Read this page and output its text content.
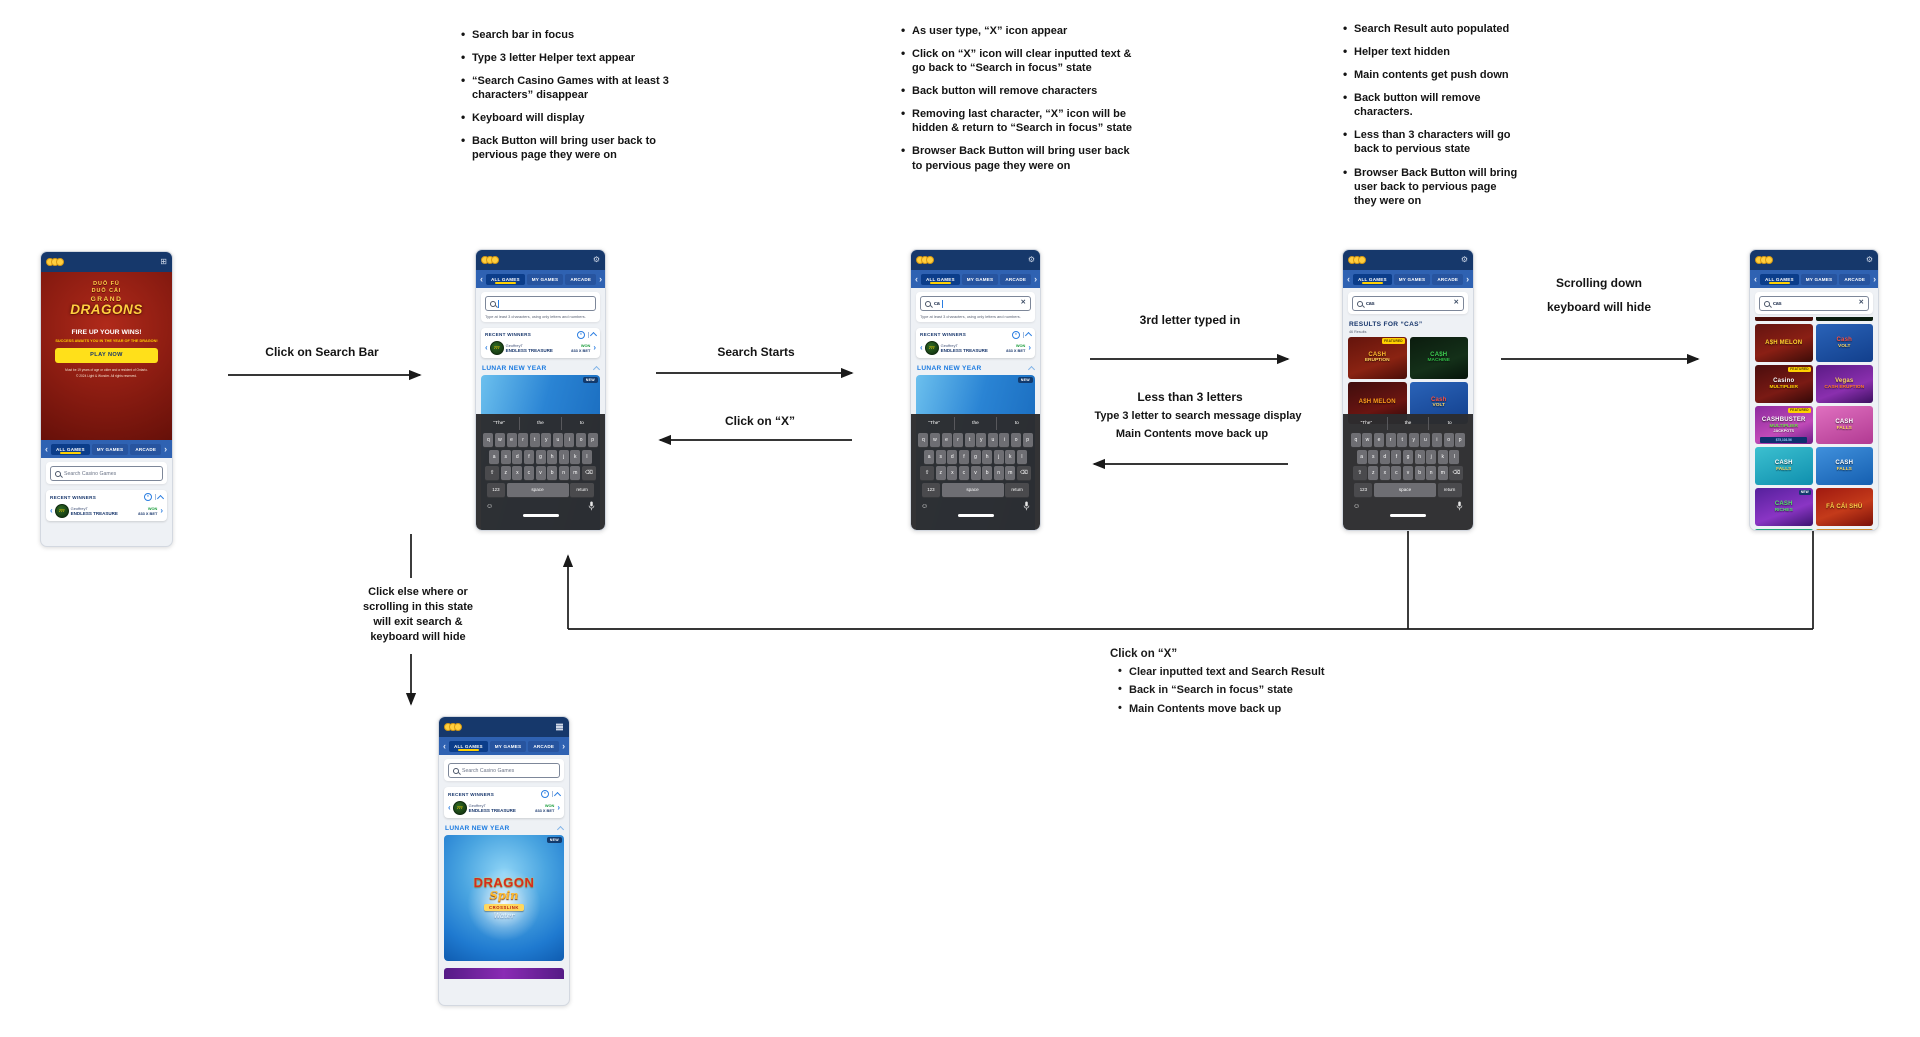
• Search bar in focus
• Type 3 letter Helper text appear
• “Search Casino Games with at least 3 characters” disappear
• Keyboard will display
• Back Button will bring user back to pervious page they were on
• As user type, “X” icon appear
• Click on “X” icon will clear inputted text & go back to “Search in focus” state
• Back button will remove characters
• Removing last character, “X” icon will be hidden & return to “Search in focus” state
• Browser Back Button will bring user back to pervious page they were on
• Search Result auto populated
• Helper text hidden
• Main contents get push down
• Back button will remove characters.
• Less than 3 characters will go back to pervious state
• Browser Back Button will bring user back to pervious page they were on
Click on Search Bar	Search Starts
Click on “X”
3rd letter typed in
Less than 3 letters
Type 3 letter to search message display
Main Contents move back up
Scrolling down
keyboard will hide
Click else where or scrolling in this state will exit search & keyboard will hide
Click on “X”
• Clear inputted text and Search Result
• Back in “Search in focus” state
• Main Contents move back up
⊞
DUŌ FÚ
DUŌ CÁI
GRAND
DRAGONS
FIRE UP YOUR WINS!
SUCCESS AWAITS YOU IN THE YEAR OF THE DRAGON!
PLAY NOW
Must be 19 years of age or older and a resident of Ontario.
© 2024 Light & Wonder. All rights reserved.
‹	ALL GAMES	MY GAMES	ARCADE ›
Search Casino Games
RECENT WINNERS	✕
‹ 777 GeoffreyT
ENDLESS TREASURE
WON
833 X BET ›
⚙
‹	ALL GAMES	MY GAMES	ARCADE ›
Type at least 3 characters, using only letters and numbers.
RECENT WINNERS	✕
‹ 777 GeoffreyT
ENDLESS TREASURE
WON
833 X BET ›
LUNAR NEW YEAR
NEW
“The”	the	to
q	w	e	r	t	y	u	i	o	p
a	s	d	f	g	h	j	k	l
⇧	z	x	c	v	b	n	m	⌫
123	space	return
☺
⚙
‹	ALL GAMES	MY GAMES	ARCADE ›
ca	✕
Type at least 3 characters, using only letters and numbers.
RECENT WINNERS	✕
‹ 777 GeoffreyT
ENDLESS TREASURE
WON
833 X BET ›
LUNAR NEW YEAR
NEW
“The”	the	to
q	w	e	r	t	y	u	i	o	p
a	s	d	f	g	h	j	k	l
⇧	z	x	c	v	b	n	m	⌫
123	space	return
☺
⚙
‹	ALL GAMES	MY GAMES	ARCADE ›
cas	✕
RESULTS FOR “CAS”
46 Results
FEATURED
CASH
ERUPTION
CA$H
MACHINE
A$H MELON	Cash
VOLT
“The”	the	to
q	w	e	r	t	y	u	i	o	p
a	s	d	f	g	h	j	k	l
⇧	z	x	c	v	b	n	m	⌫
123	space	return
☺
⚙
‹	ALL GAMES	MY GAMES	ARCADE ›
cas	✕
A$H MELON	Cash
VOLT
FEATURED
Casino
MULTIPLIER
Vegas
CASH ERUPTION
FEATURED
CASHBUSTER
MULTIPLIER
JACKPOTS
$75,103.56
CASH
FALLS
CASH
FALLS
CASH
FALLS
NEW
CASH
RICHES
FĀ CÁI SHÙ
‹	ALL GAMES	MY GAMES	ARCADE ›
Search Casino Games
RECENT WINNERS	✕
‹ 777 GeoffreyT
ENDLESS TREASURE
WON
833 X BET ›
LUNAR NEW YEAR
NEW
DRAGON
Spin
CROSSLINK
Water
